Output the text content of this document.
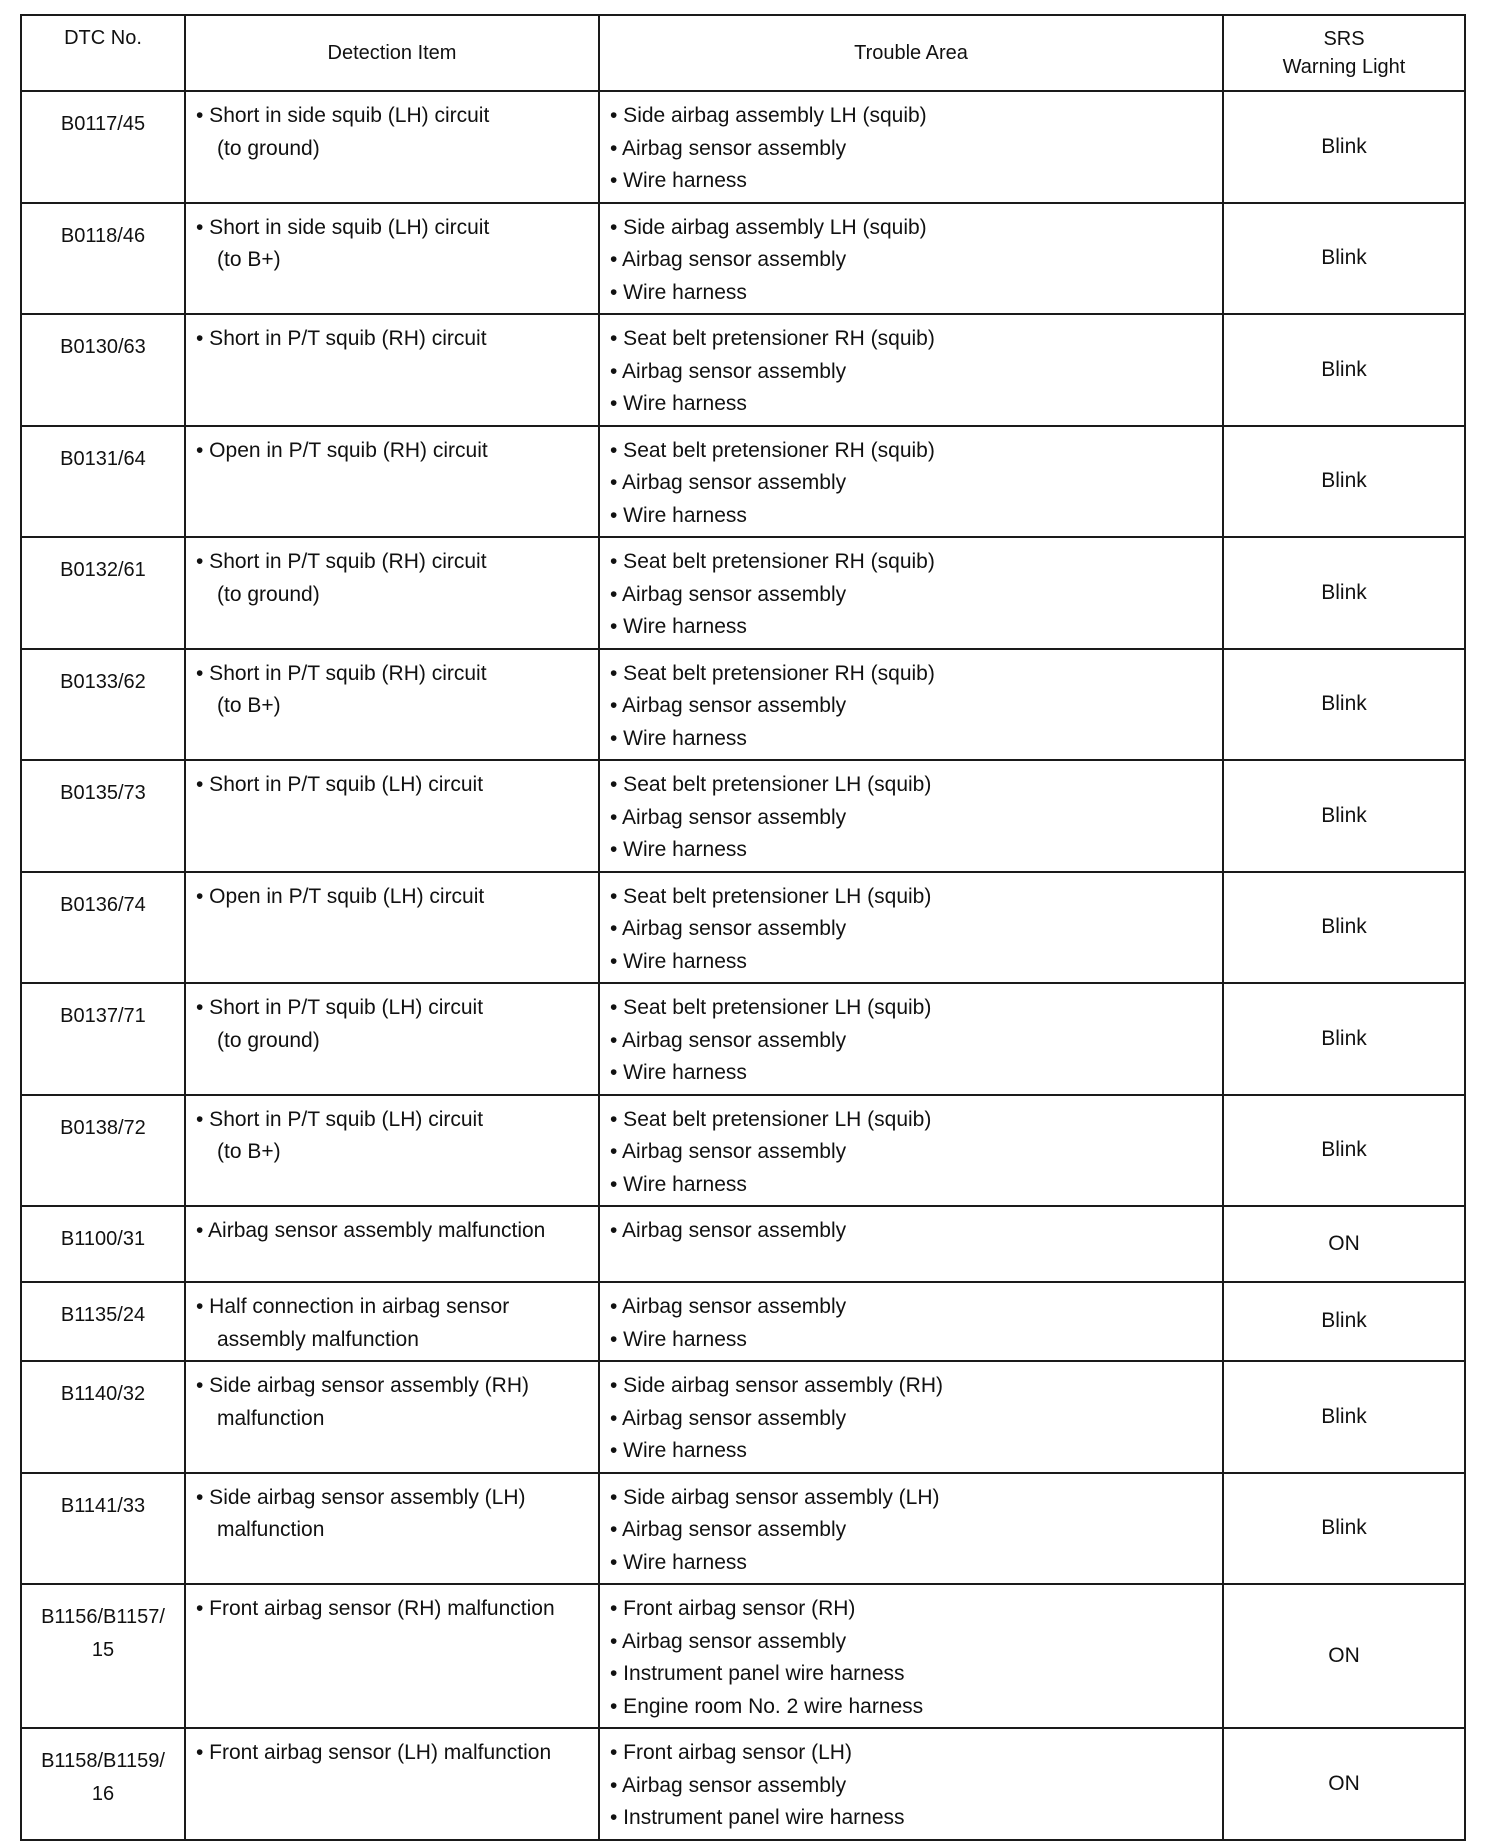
DTC No.	Detection Item	Trouble Area	SRS
Warning Light

B0117/45	• Short in side squib (LH) circuit
(to ground)	• Side airbag assembly LH (squib)
• Airbag sensor assembly
• Wire harness	Blink
B0118/46	• Short in side squib (LH) circuit
(to B+)	• Side airbag assembly LH (squib)
• Airbag sensor assembly
• Wire harness	Blink
B0130/63	• Short in P/T squib (RH) circuit	• Seat belt pretensioner RH (squib)
• Airbag sensor assembly
• Wire harness	Blink
B0131/64	• Open in P/T squib (RH) circuit	• Seat belt pretensioner RH (squib)
• Airbag sensor assembly
• Wire harness	Blink
B0132/61	• Short in P/T squib (RH) circuit
(to ground)	• Seat belt pretensioner RH (squib)
• Airbag sensor assembly
• Wire harness	Blink
B0133/62	• Short in P/T squib (RH) circuit
(to B+)	• Seat belt pretensioner RH (squib)
• Airbag sensor assembly
• Wire harness	Blink
B0135/73	• Short in P/T squib (LH) circuit	• Seat belt pretensioner LH (squib)
• Airbag sensor assembly
• Wire harness	Blink
B0136/74	• Open in P/T squib (LH) circuit	• Seat belt pretensioner LH (squib)
• Airbag sensor assembly
• Wire harness	Blink
B0137/71	• Short in P/T squib (LH) circuit
(to ground)	• Seat belt pretensioner LH (squib)
• Airbag sensor assembly
• Wire harness	Blink
B0138/72	• Short in P/T squib (LH) circuit
(to B+)	• Seat belt pretensioner LH (squib)
• Airbag sensor assembly
• Wire harness	Blink
B1100/31	• Airbag sensor assembly malfunction	• Airbag sensor assembly	ON
B1135/24	• Half connection in airbag sensor
assembly malfunction	• Airbag sensor assembly
• Wire harness	Blink
B1140/32	• Side airbag sensor assembly (RH)
malfunction	• Side airbag sensor assembly (RH)
• Airbag sensor assembly
• Wire harness	Blink
B1141/33	• Side airbag sensor assembly (LH)
malfunction	• Side airbag sensor assembly (LH)
• Airbag sensor assembly
• Wire harness	Blink
B1156/B1157/
15	• Front airbag sensor (RH) malfunction	• Front airbag sensor (RH)
• Airbag sensor assembly
• Instrument panel wire harness
• Engine room No. 2 wire harness	ON
B1158/B1159/
16	• Front airbag sensor (LH) malfunction	• Front airbag sensor (LH)
• Airbag sensor assembly
• Instrument panel wire harness	ON
